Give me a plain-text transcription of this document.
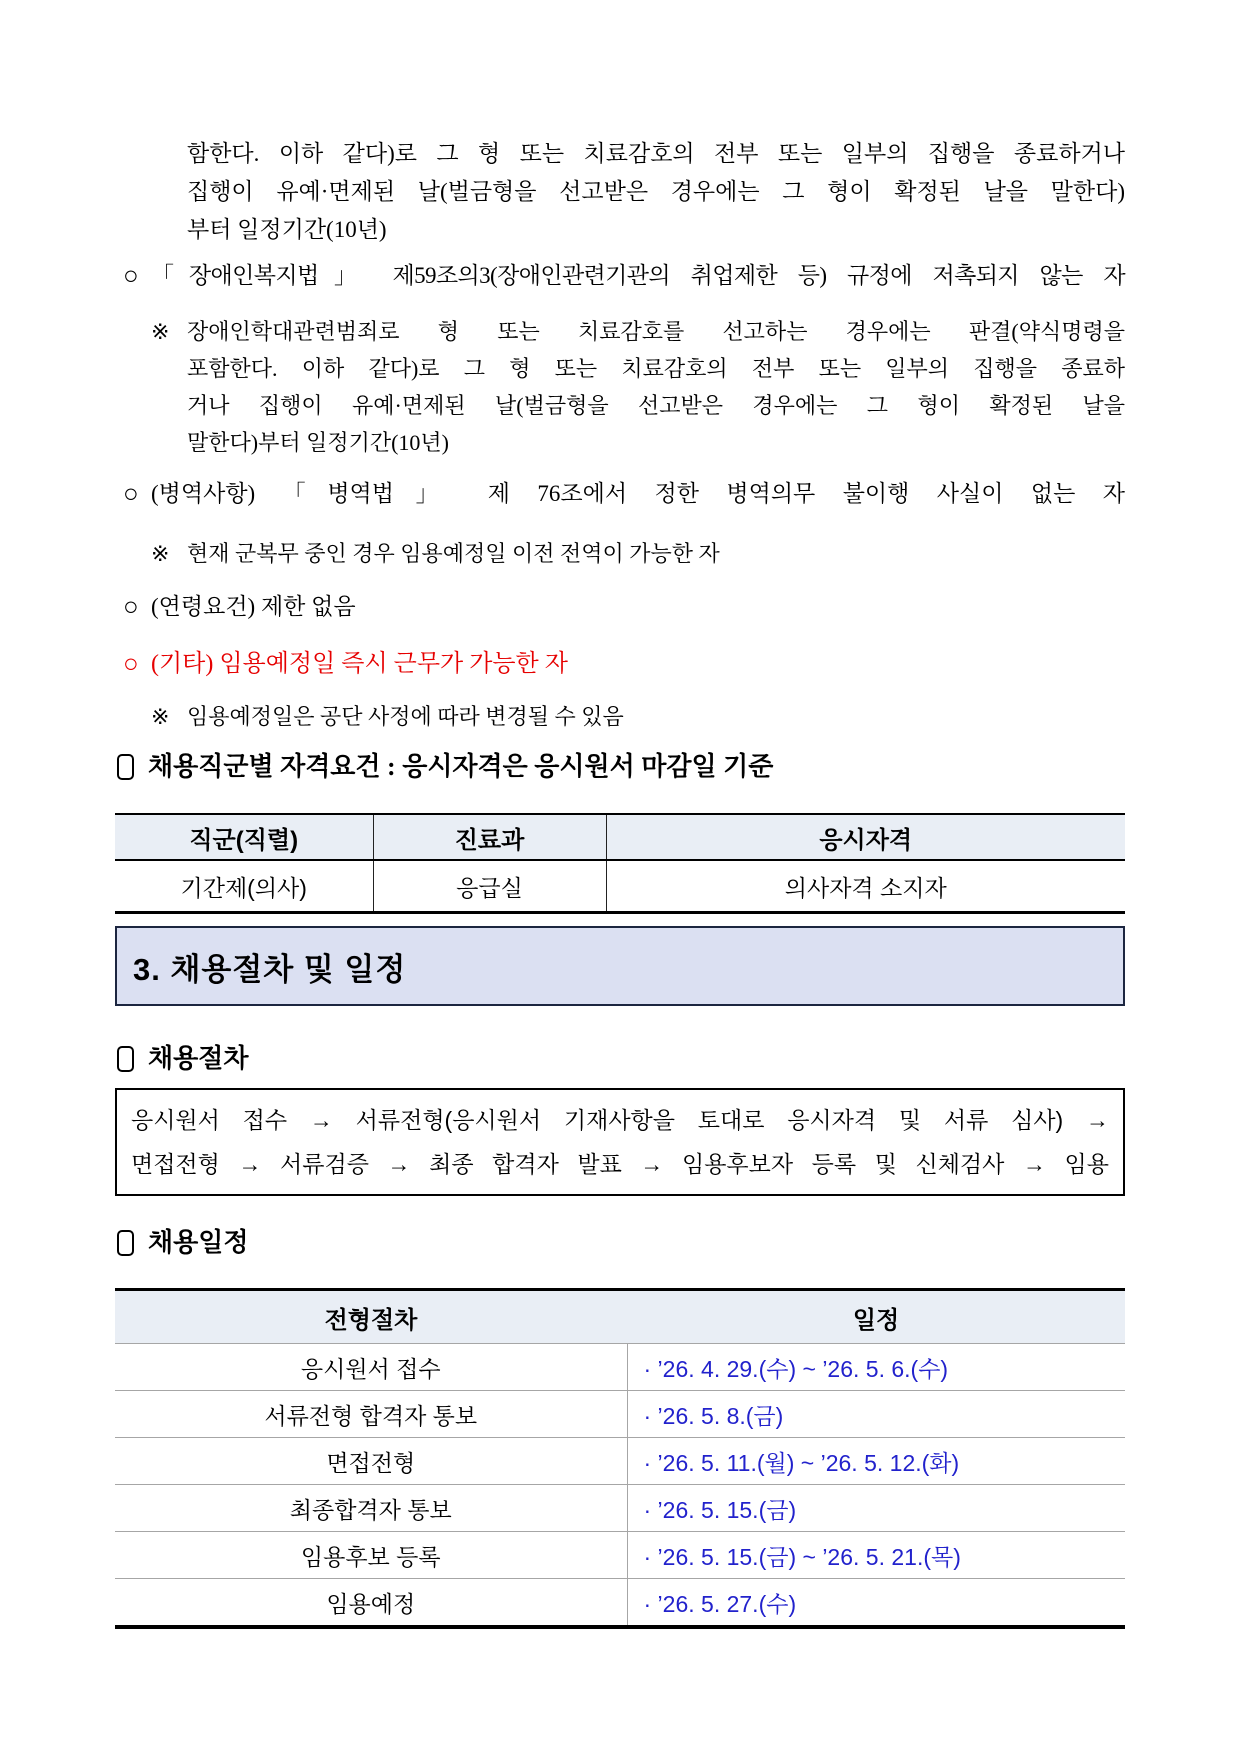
함한다. 이하 같다)로 그 형 또는 치료감호의 전부 또는 일부의 집행을 종료하거나
집행이 유예·면제된 날(벌금형을 선고받은 경우에는 그 형이 확정된 날을 말한다)
부터 일정기간(10년)
○ 「장애인복지법」 제59조의3(장애인관련기관의 취업제한 등) 규정에 저촉되지 않는 자
※ 장애인학대관련범죄로 형 또는 치료감호를 선고하는 경우에는 판결(약식명령을
포함한다. 이하 같다)로 그 형 또는 치료감호의 전부 또는 일부의 집행을 종료하
거나 집행이 유예·면제된 날(벌금형을 선고받은 경우에는 그 형이 확정된 날을
말한다)부터 일정기간(10년)
○ (병역사항) 「병역법」 제 76조에서 정한 병역의무 불이행 사실이 없는 자
※ 현재 군복무 중인 경우 임용예정일 이전 전역이 가능한 자
○ (연령요건) 제한 없음
○ (기타) 임용예정일 즉시 근무가 가능한 자
※ 임용예정일은 공단 사정에 따라 변경될 수 있음
채용직군별 자격요건 : 응시자격은 응시원서 마감일 기준
직군(직렬)	진료과	응시자격
기간제(의사)	응급실	의사자격 소지자
3. 채용절차 및 일정
채용절차
응시원서 접수 → 서류전형(응시원서 기재사항을 토대로 응시자격 및 서류 심사) →
면접전형 → 서류검증 → 최종 합격자 발표 → 임용후보자 등록 및 신체검사 → 임용
채용일정
전형절차	일정
응시원서 접수	· ’26. 4. 29.(수) ~ ’26. 5. 6.(수)
서류전형 합격자 통보	· ’26. 5. 8.(금)
면접전형	· ’26. 5. 11.(월) ~ ’26. 5. 12.(화)
최종합격자 통보	· ’26. 5. 15.(금)
임용후보 등록	· ’26. 5. 15.(금) ~ ’26. 5. 21.(목)
임용예정	· ’26. 5. 27.(수)
